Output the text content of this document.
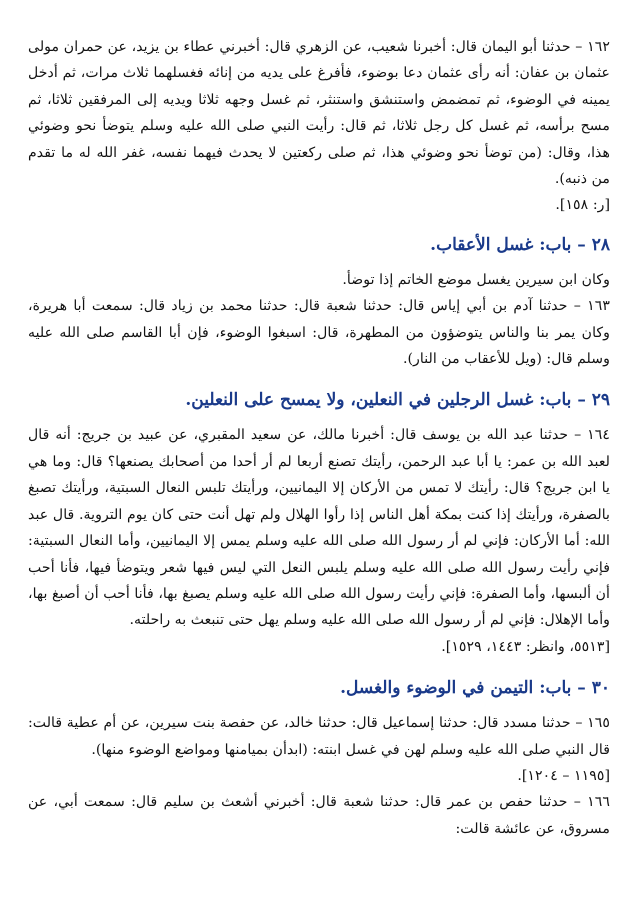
١٦٢ – حدثنا أبو اليمان قال: أخبرنا شعيب، عن الزهري قال: أخبرني عطاء بن يزيد، عن حمران مولى عثمان بن عفان: أنه رأى عثمان دعا بوضوء، فأفرغ على يديه من إنائه فغسلهما ثلاث مرات، ثم أدخل يمينه في الوضوء، ثم تمضمض واستنشق واستنثر، ثم غسل وجهه ثلاثا ويديه إلى المرفقين ثلاثا، ثم مسح برأسه، ثم غسل كل رجل ثلاثا، ثم قال: رأيت النبي صلى الله عليه وسلم يتوضأ نحو وضوئي هذا، وقال: (من توضأ نحو وضوئي هذا، ثم صلى ركعتين لا يحدث فيهما نفسه، غفر الله له ما تقدم من ذنبه).

[ر: ١٥٨].

٢٨ – باب: غسل الأعقاب.

وكان ابن سيرين يغسل موضع الخاتم إذا توضأ.

١٦٣ – حدثنا آدم بن أبي إياس قال: حدثنا شعبة قال: حدثنا محمد بن زياد قال: سمعت أبا هريرة، وكان يمر بنا والناس يتوضؤون من المطهرة، قال: اسبغوا الوضوء، فإن أبا القاسم صلى الله عليه وسلم قال: (ويل للأعقاب من النار).

٢٩ – باب: غسل الرجلين في النعلين، ولا يمسح على النعلين.

١٦٤ – حدثنا عبد الله بن يوسف قال: أخبرنا مالك، عن سعيد المقبري، عن عبيد بن جريج: أنه قال لعبد الله بن عمر: يا أبا عبد الرحمن، رأيتك تصنع أربعا لم أر أحدا من أصحابك يصنعها؟ قال: وما هي يا ابن جريج؟ قال: رأيتك لا تمس من الأركان إلا اليمانيين، ورأيتك تلبس النعال السبتية، ورأيتك تصبغ بالصفرة، ورأيتك إذا كنت بمكة أهل الناس إذا رأوا الهلال ولم تهل أنت حتى كان يوم التروية. قال عبد الله: أما الأركان: فإني لم أر رسول الله صلى الله عليه وسلم يمس إلا اليمانيين، وأما النعال السبتية: فإني رأيت رسول الله صلى الله عليه وسلم يلبس النعل التي ليس فيها شعر ويتوضأ فيها، فأنا أحب أن ألبسها، وأما الصفرة: فإني رأيت رسول الله صلى الله عليه وسلم يصبغ بها، فأنا أحب أن أصبغ بها، وأما الإهلال: فإني لم أر رسول الله صلى الله عليه وسلم يهل حتى تنبعث به راحلته.

[٥٥١٣، وانظر: ١٤٤٣، ١٥٢٩].

٣٠ – باب: التيمن في الوضوء والغسل.

١٦٥ – حدثنا مسدد قال: حدثنا إسماعيل قال: حدثنا خالد، عن حفصة بنت سيرين، عن أم عطية قالت: قال النبي صلى الله عليه وسلم لهن في غسل ابنته: (ابدأن بميامنها ومواضع الوضوء منها).

[١١٩٥ – ١٢٠٤].

١٦٦ – حدثنا حفص بن عمر قال: حدثنا شعبة قال: أخبرني أشعث بن سليم قال: سمعت أبي، عن مسروق، عن عائشة قالت:
